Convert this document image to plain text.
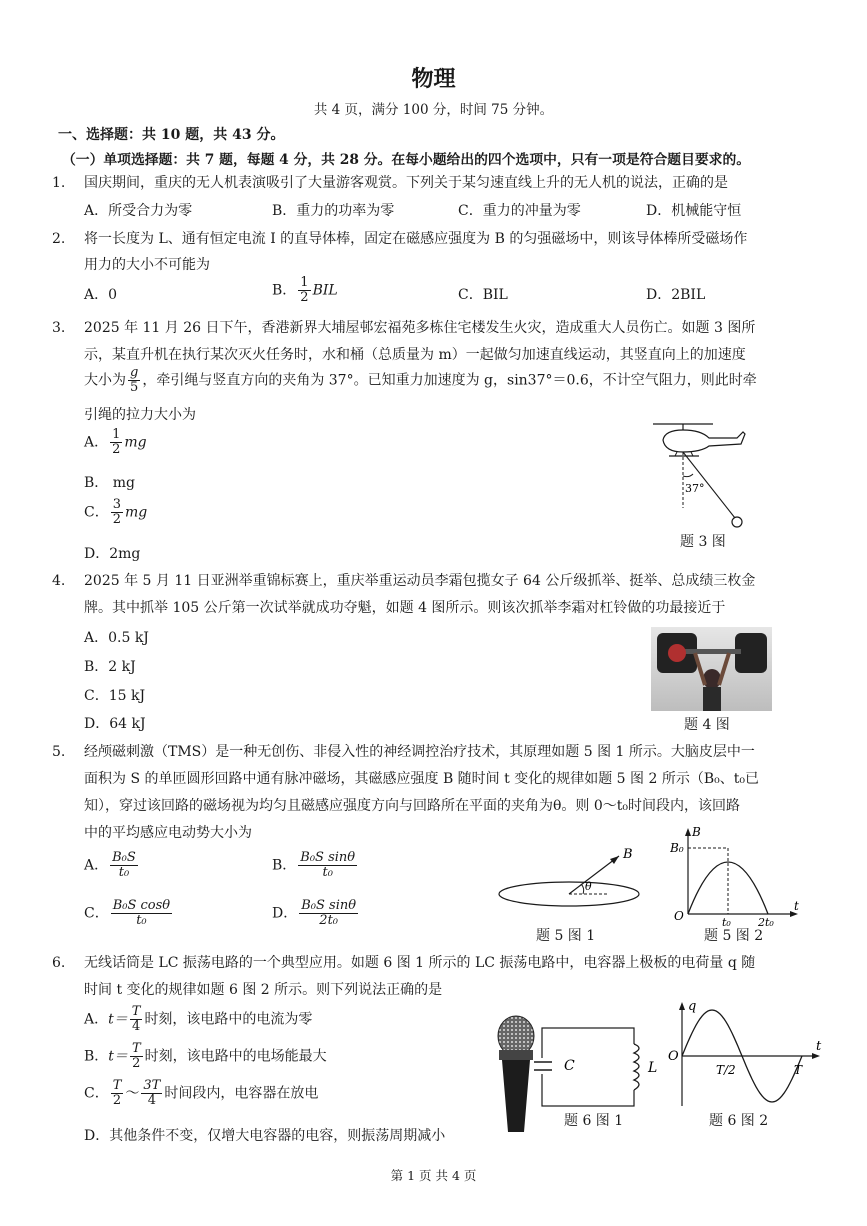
物理
共 4 页，满分 100 分，时间 75 分钟。
一、选择题：共 10 题，共 43 分。
（一）单项选择题：共 7 题，每题 4 分，共 28 分。在每小题给出的四个选项中，只有一项是符合题目要求的。
1. 国庆期间，重庆的无人机表演吸引了大量游客观赏。下列关于某匀速直线上升的无人机的说法，正确的是
A．所受合力为零	B．重力的功率为零	C．重力的冲量为零	D．机械能守恒
2. 将一长度为 L、通有恒定电流 I 的直导体棒，固定在磁感应强度为 B 的匀强磁场中，则该导体棒所受磁场作
用力的大小不可能为
A．0	B． $\frac{1}{2}$ BIL	C．BIL	D．2BIL
3. 2025 年 11 月 26 日下午，香港新界大埔屋邨宏福苑多栋住宅楼发生火灾，造成重大人员伤亡。如题 3 图所
示，某直升机在执行某次灭火任务时，水和桶（总质量为 m）一起做匀加速直线运动，其竖直向上的加速度
大小为 $\frac{g}{5}$ ，牵引绳与竖直方向的夹角为 37°。已知重力加速度为 g，sin37°＝0.6，不计空气阻力，则此时牵
引绳的拉力大小为
A． $\frac{1}{2}$ mg
B． mg
C． $\frac{3}{2}$ mg
D．2mg
37°
题 3 图
4. 2025 年 5 月 11 日亚洲举重锦标赛上，重庆举重运动员李霜包揽女子 64 公斤级抓举、挺举、总成绩三枚金
牌。其中抓举 105 公斤第一次试举就成功夺魁，如题 4 图所示。则该次抓举李霜对杠铃做的功最接近于
A．0.5 kJ
B．2 kJ
C．15 kJ
D．64 kJ	题 4 图
5. 经颅磁刺激（TMS）是一种无创伤、非侵入性的神经调控治疗技术，其原理如题 5 图 1 所示。大脑皮层中一
面积为 S 的单匝圆形回路中通有脉冲磁场，其磁感应强度 B 随时间 t 变化的规律如题 5 图 2 所示（B₀、t₀已
知），穿过该回路的磁场视为均匀且磁感应强度方向与回路所在平面的夹角为θ。则 0～t₀时间段内，该回路
中的平均感应电动势大小为
A． $\frac{\text{B₀S}}{\text{t₀}}$	B． $\frac{\text{B₀S sinθ}}{\text{t₀}}$
C． $\frac{\text{B₀S cosθ}}{\text{t₀}}$	D． $\frac{\text{B₀S sinθ}}{\text{2t₀}}$
B
θ
题 5 图 1
B
B₀
O	t₀ 2t₀
t
题 5 图 2
6. 无线话筒是 LC 振荡电路的一个典型应用。如题 6 图 1 所示的 LC 振荡电路中，电容器上极板的电荷量 q 随
时间 t 变化的规律如题 6 图 2 所示。则下列说法正确的是
A．$t= \frac{T}{4}$ 时刻，该电路中的电流为零
B．$t= \frac{T}{2}$ 时刻，该电路中的电场能最大
C． $\frac{T}{2}$ ～ $\frac{3T}{4}$ 时间段内，电容器在放电
D．其他条件不变，仅增大电容器的电容，则振荡周期减小
C	L
题 6 图 1
q
O
T/2	T
t
题 6 图 2
第 1 页 共 4 页
